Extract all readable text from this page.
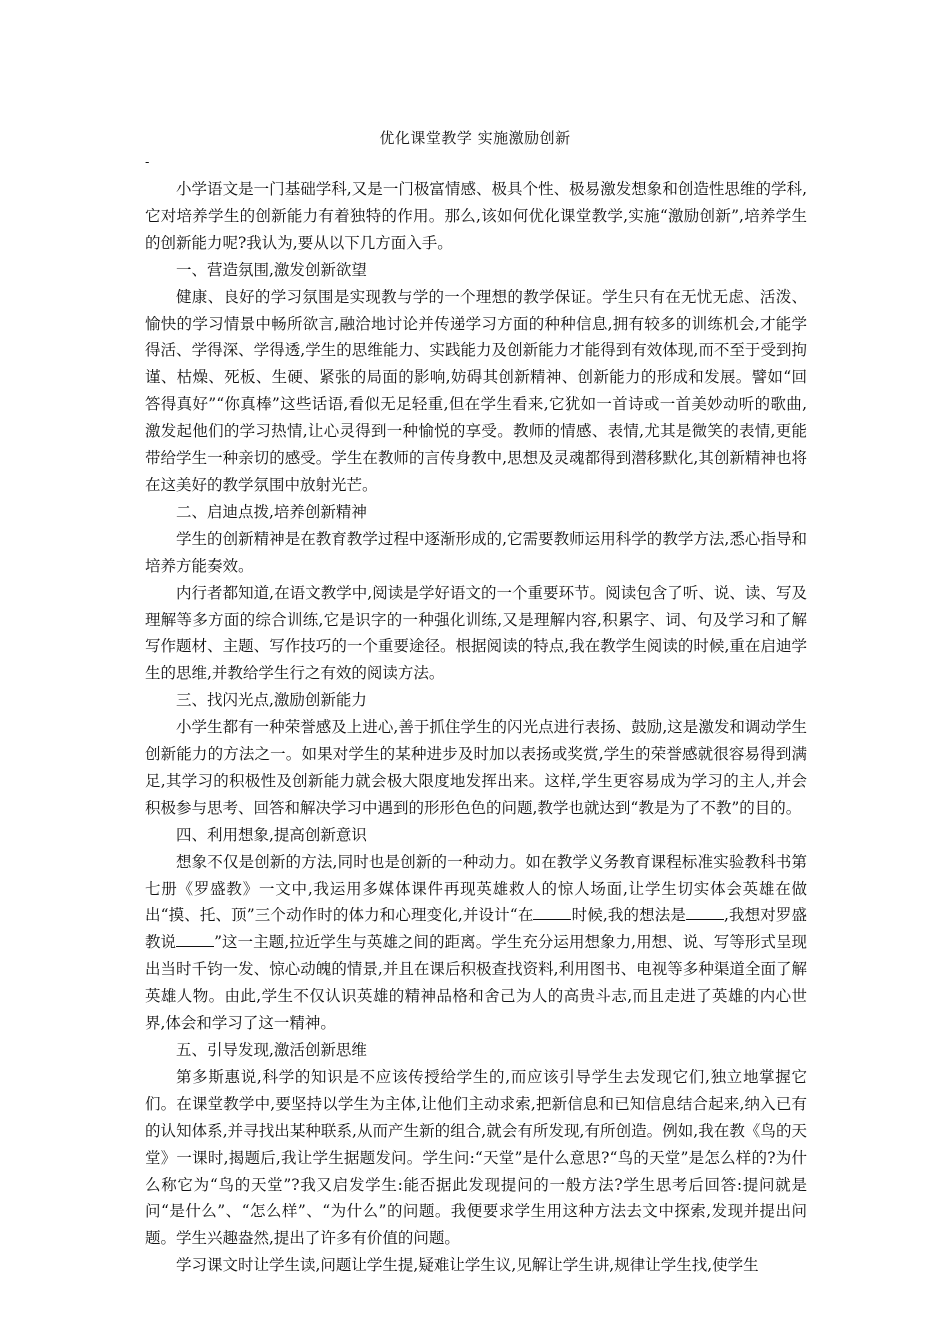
优化课堂教学 实施激励创新
-

小学语文是一门基础学科,又是一门极富情感、极具个性、极易激发想象和创造性思维的学科,它对培养学生的创新能力有着独特的作用。那么,该如何优化课堂教学,实施“激励创新”,培养学生的创新能力呢?我认为,要从以下几方面入手。

一、营造氛围,激发创新欲望

健康、良好的学习氛围是实现教与学的一个理想的教学保证。学生只有在无忧无虑、活泼、愉快的学习情景中畅所欲言,融洽地讨论并传递学习方面的种种信息,拥有较多的训练机会,才能学得活、学得深、学得透,学生的思维能力、实践能力及创新能力才能得到有效体现,而不至于受到拘谨、枯燥、死板、生硬、紧张的局面的影响,妨碍其创新精神、创新能力的形成和发展。譬如“回答得真好”“你真棒”这些话语,看似无足轻重,但在学生看来,它犹如一首诗或一首美妙动听的歌曲,激发起他们的学习热情,让心灵得到一种愉悦的享受。教师的情感、表情,尤其是微笑的表情,更能带给学生一种亲切的感受。学生在教师的言传身教中,思想及灵魂都得到潜移默化,其创新精神也将在这美好的教学氛围中放射光芒。

二、启迪点拨,培养创新精神

学生的创新精神是在教育教学过程中逐渐形成的,它需要教师运用科学的教学方法,悉心指导和培养方能奏效。

内行者都知道,在语文教学中,阅读是学好语文的一个重要环节。阅读包含了听、说、读、写及理解等多方面的综合训练,它是识字的一种强化训练,又是理解内容,积累字、词、句及学习和了解写作题材、主题、写作技巧的一个重要途径。根据阅读的特点,我在教学生阅读的时候,重在启迪学生的思维,并教给学生行之有效的阅读方法。

三、找闪光点,激励创新能力

小学生都有一种荣誉感及上进心,善于抓住学生的闪光点进行表扬、鼓励,这是激发和调动学生创新能力的方法之一。如果对学生的某种进步及时加以表扬或奖赏,学生的荣誉感就很容易得到满足,其学习的积极性及创新能力就会极大限度地发挥出来。这样,学生更容易成为学习的主人,并会积极参与思考、回答和解决学习中遇到的形形色色的问题,教学也就达到“教是为了不教”的目的。

四、利用想象,提高创新意识

想象不仅是创新的方法,同时也是创新的一种动力。如在教学义务教育课程标准实验教科书第七册《罗盛教》一文中,我运用多媒体课件再现英雄救人的惊人场面,让学生切实体会英雄在做出“摸、托、顶”三个动作时的体力和心理变化,并设计“在 时候,我的想法是 ,我想对罗盛教说 ”这一主题,拉近学生与英雄之间的距离。学生充分运用想象力,用想、说、写等形式呈现出当时千钧一发、惊心动魄的情景,并且在课后积极查找资料,利用图书、电视等多种渠道全面了解英雄人物。由此,学生不仅认识英雄的精神品格和舍己为人的高贵斗志,而且走进了英雄的内心世界,体会和学习了这一精神。

五、引导发现,激活创新思维

第多斯惠说,科学的知识是不应该传授给学生的,而应该引导学生去发现它们,独立地掌握它们。在课堂教学中,要坚持以学生为主体,让他们主动求索,把新信息和已知信息结合起来,纳入已有的认知体系,并寻找出某种联系,从而产生新的组合,就会有所发现,有所创造。例如,我在教《鸟的天堂》一课时,揭题后,我让学生据题发问。学生问:“天堂”是什么意思?“鸟的天堂”是怎么样的?为什么称它为“鸟的天堂”?我又启发学生:能否据此发现提问的一般方法?学生思考后回答:提问就是问“是什么”、“怎么样”、“为什么”的问题。我便要求学生用这种方法去文中探索,发现并提出问题。学生兴趣盎然,提出了许多有价值的问题。

学习课文时让学生读,问题让学生提,疑难让学生议,见解让学生讲,规律让学生找,使学生
